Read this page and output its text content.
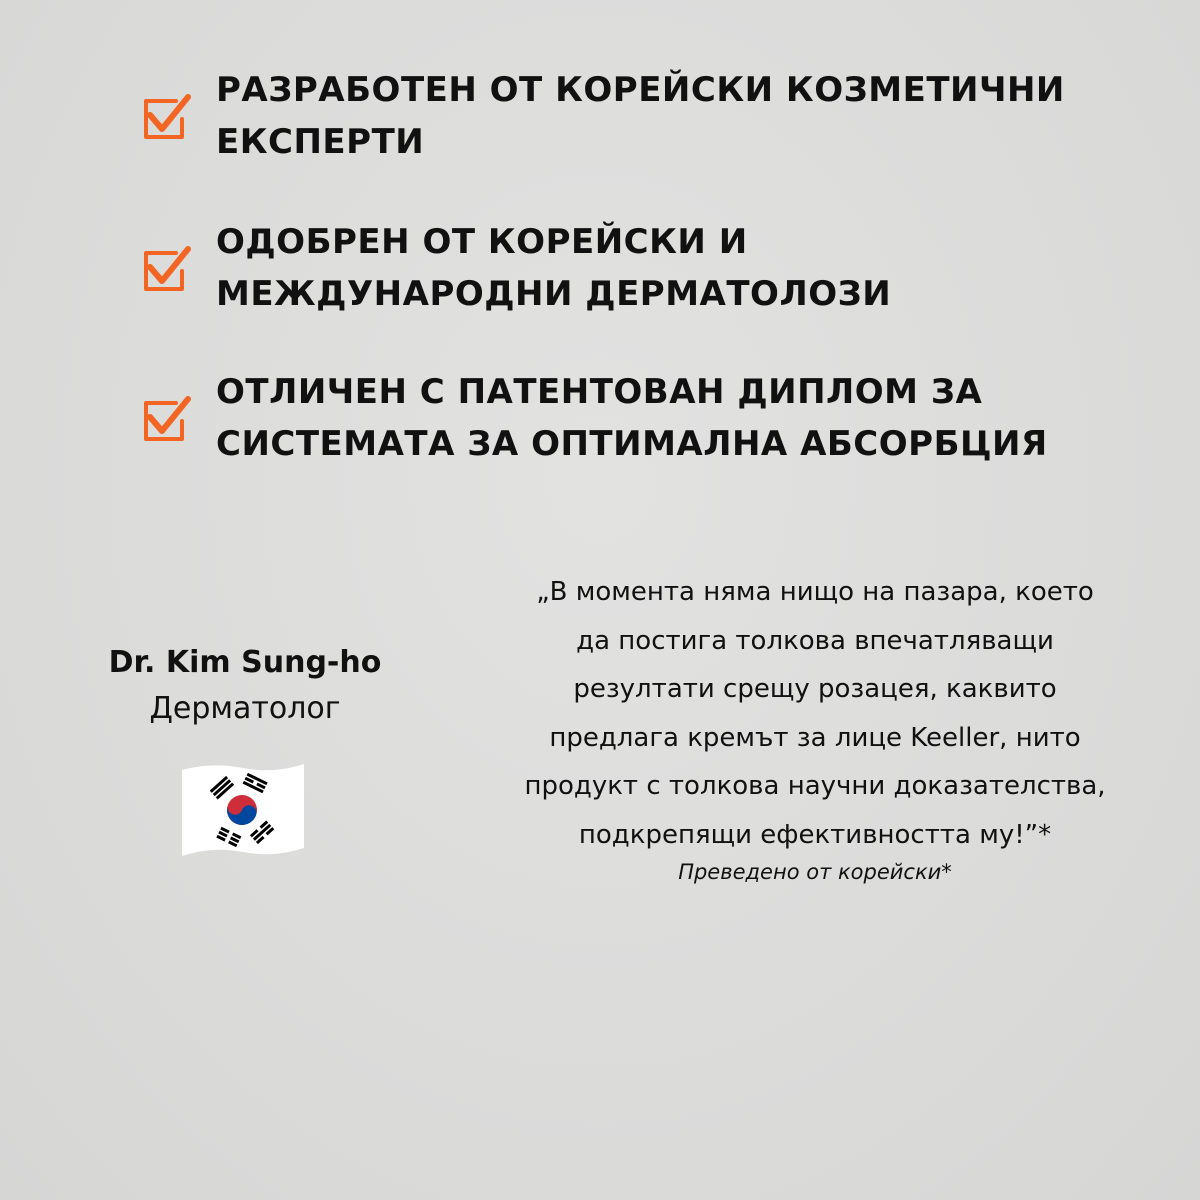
РАЗРАБОТЕН ОТ КОРЕЙСКИ КОЗМЕТИЧНИ
ЕКСПЕРТИ
ОДОБРЕН ОТ КОРЕЙСКИ И
МЕЖДУНАРОДНИ ДЕРМАТОЛОЗИ
ОТЛИЧЕН С ПАТЕНТОВАН ДИПЛОМ ЗА
СИСТЕМАТА ЗА ОПТИМАЛНА АБСОРБЦИЯ
Dr. Kim Sung-ho
Дерматолог
„В момента няма нищо на пазара, което
да постига толкова впечатляващи
резултати срещу розацея, каквито
предлага кремът за лице Keeller, нито
продукт с толкова научни доказателства,
подкрепящи ефективността му!”*
Преведено от корейски*
